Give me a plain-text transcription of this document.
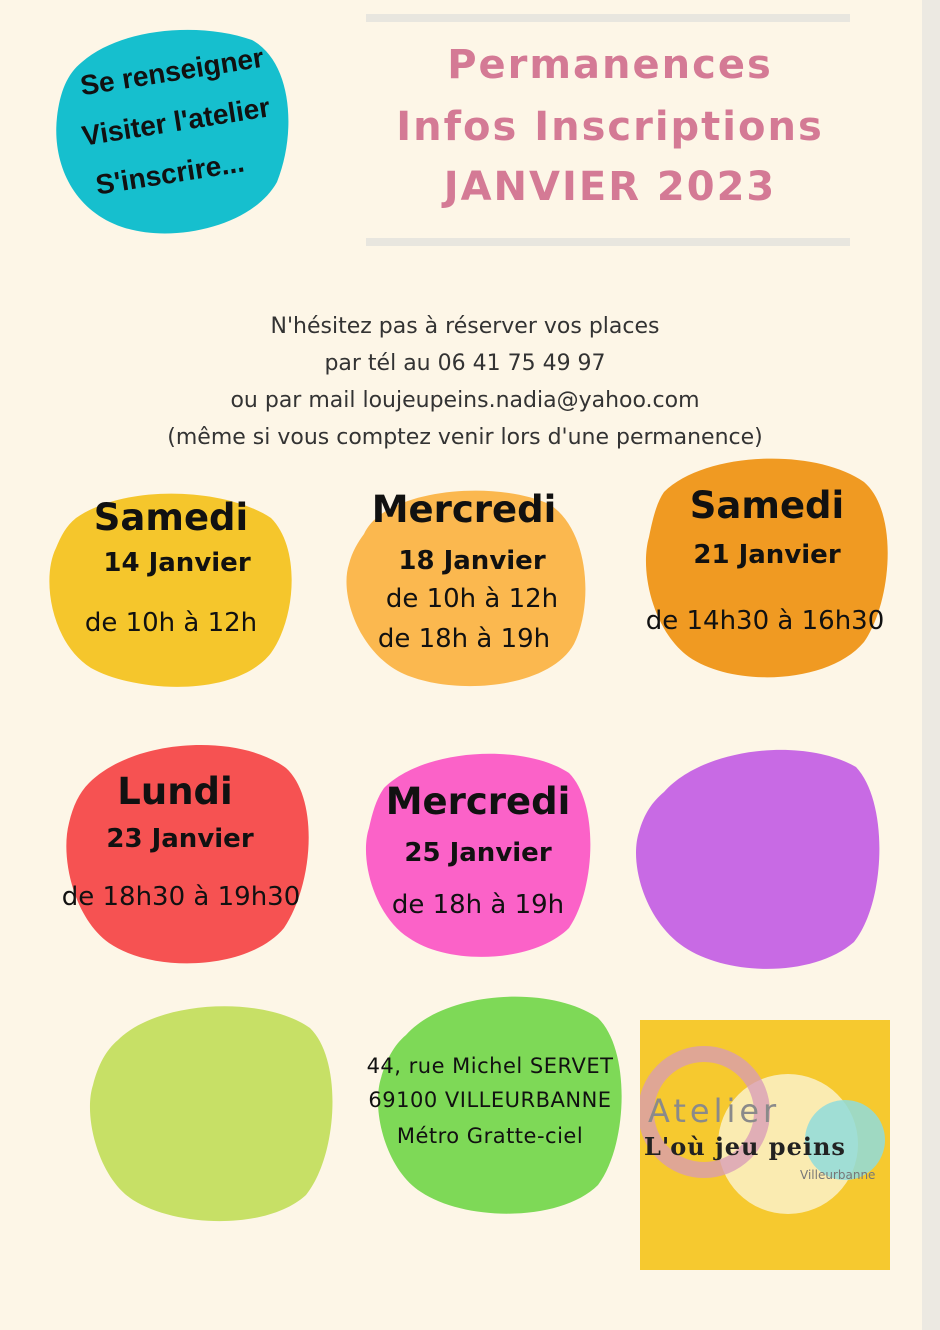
Se renseigner
Visiter l'atelier
S'inscrire...
Permanences
Infos Inscriptions
JANVIER 2023
N'hésitez pas à réserver vos places
par tél au 06 41 75 49 97
ou par mail loujeupeins.nadia@yahoo.com
(même si vous comptez venir lors d'une permanence)
Samedi
14 Janvier
de 10h à 12h
Mercredi
18 Janvier
de 10h à 12h
de 18h à 19h
Samedi
21 Janvier
de 14h30 à 16h30
Lundi
23 Janvier
de 18h30 à 19h30
Mercredi
25 Janvier
de 18h à 19h
44, rue Michel SERVET
69100 VILLEURBANNE
Métro Gratte-ciel
Atelier
L'où jeu peins
Villeurbanne
